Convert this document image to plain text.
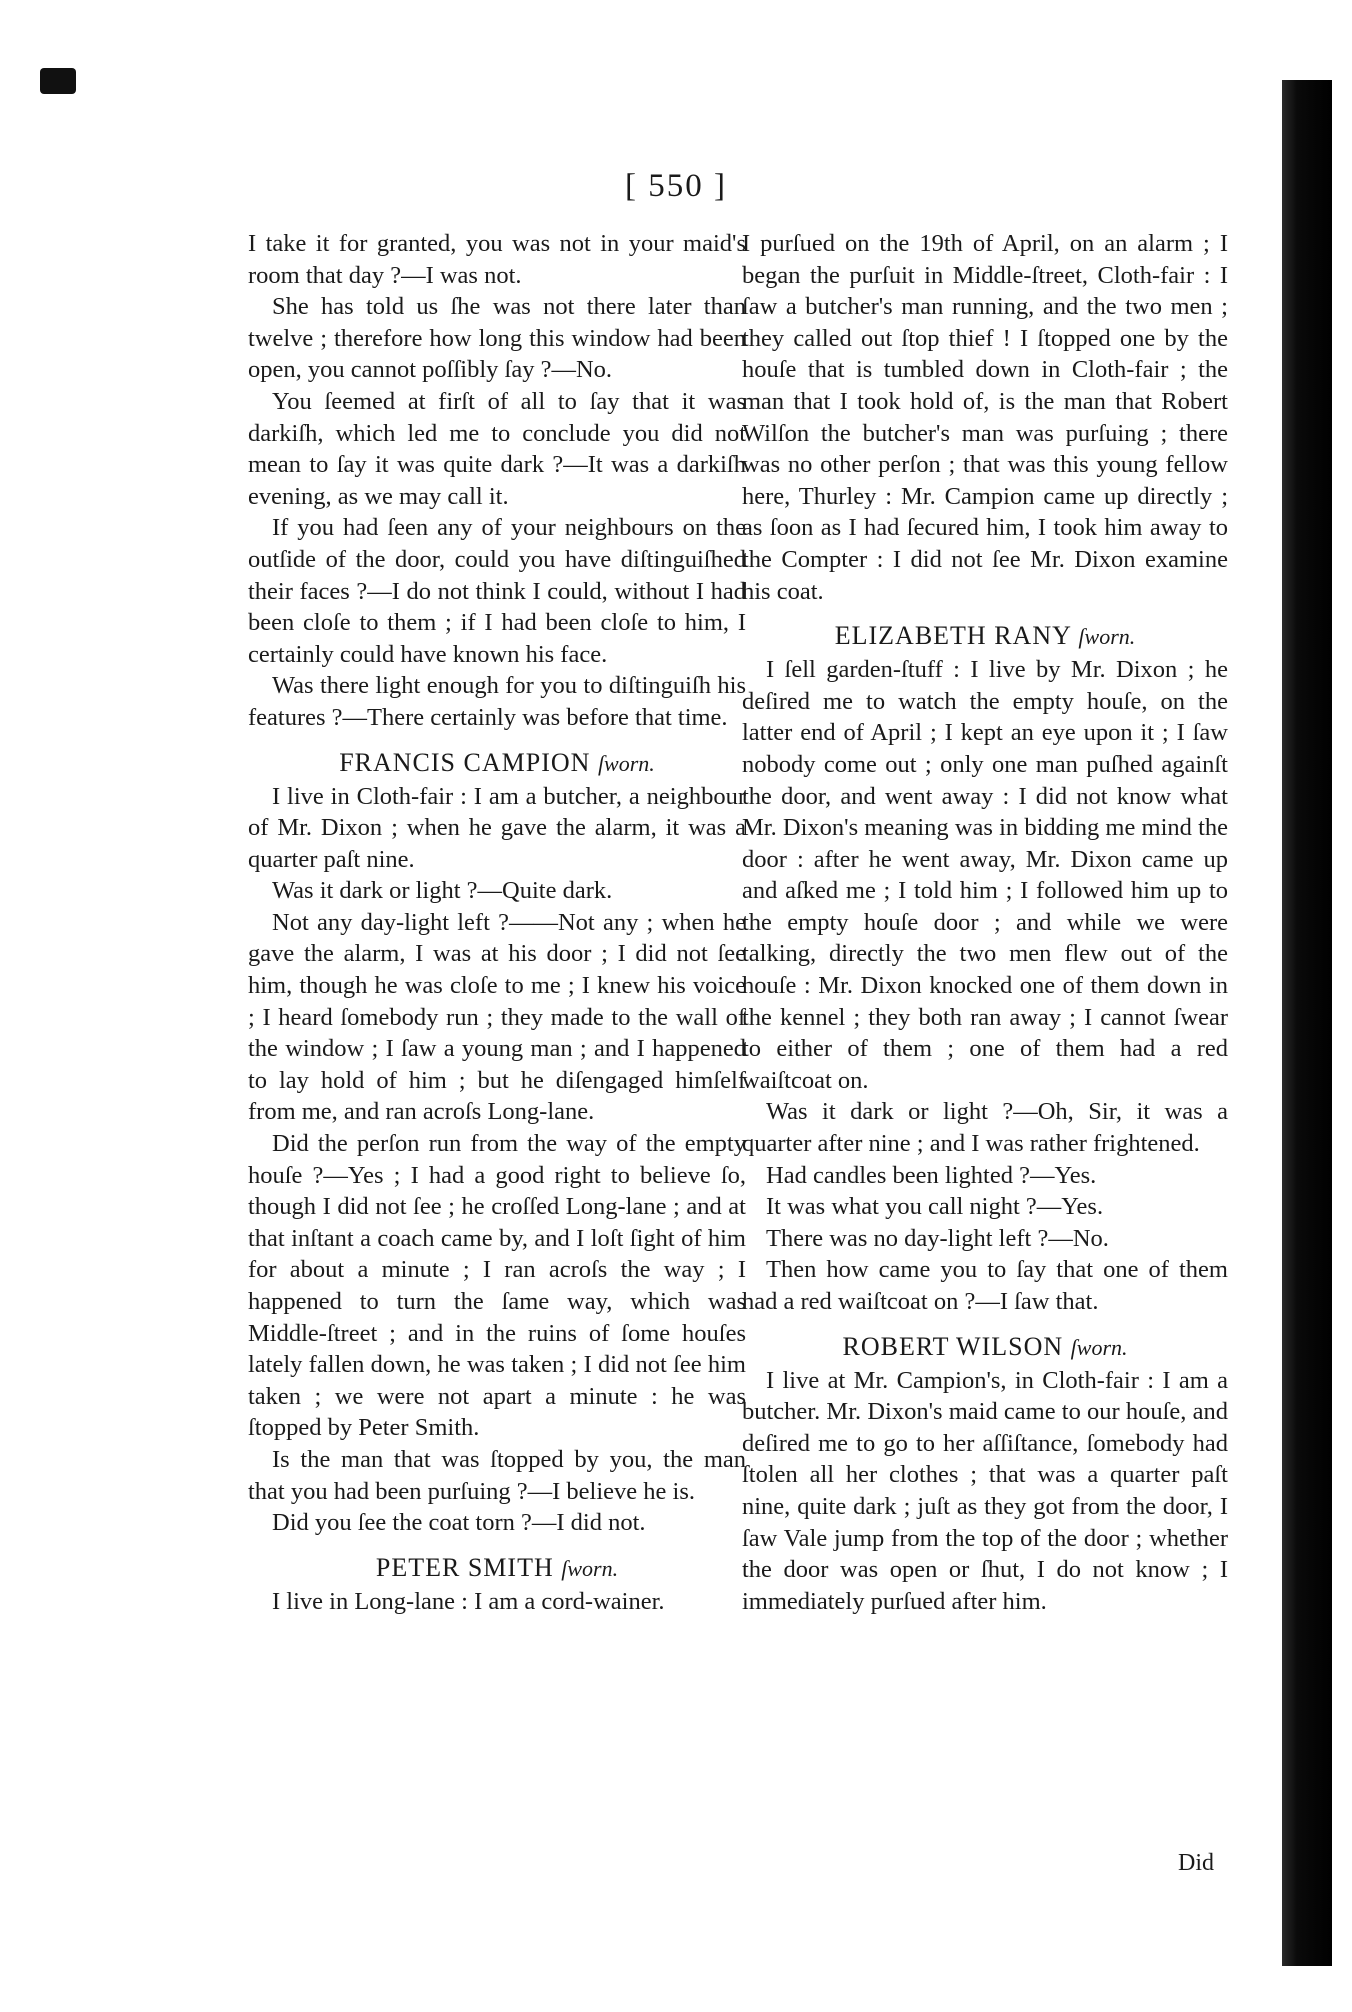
[ 550 ]

I take it for granted, you was not in your maid's room that day ?—I was not.

She has told us ſhe was not there later than twelve ; therefore how long this window had been open, you cannot poſſibly ſay ?—No.

You ſeemed at firſt of all to ſay that it was darkiſh, which led me to conclude you did not mean to ſay it was quite dark ?—It was a darkiſh evening, as we may call it.

If you had ſeen any of your neighbours on the outſide of the door, could you have diſtinguiſhed their faces ?—I do not think I could, without I had been cloſe to them ; if I had been cloſe to him, I certainly could have known his face.

Was there light enough for you to diſtinguiſh his features ?—There certainly was before that time.

FRANCIS CAMPION ſworn.

I live in Cloth-fair : I am a butcher, a neighbour of Mr. Dixon ; when he gave the alarm, it was a quarter paſt nine.

Was it dark or light ?—Quite dark.

Not any day-light left ?——Not any ; when he gave the alarm, I was at his door ; I did not ſee him, though he was cloſe to me ; I knew his voice ; I heard ſomebody run ; they made to the wall of the window ; I ſaw a young man ; and I happened to lay hold of him ; but he diſengaged himſelf from me, and ran acroſs Long-lane.

Did the perſon run from the way of the empty houſe ?—Yes ; I had a good right to believe ſo, though I did not ſee ; he croſſed Long-lane ; and at that inſtant a coach came by, and I loſt ſight of him for about a minute ; I ran acroſs the way ; I happened to turn the ſame way, which was Middle-ſtreet ; and in the ruins of ſome houſes lately fallen down, he was taken ; I did not ſee him taken ; we were not apart a minute : he was ſtopped by Peter Smith.

Is the man that was ſtopped by you, the man that you had been purſuing ?—I believe he is.

Did you ſee the coat torn ?—I did not.

PETER SMITH ſworn.

I live in Long-lane : I am a cord-wainer.

I purſued on the 19th of April, on an alarm ; I began the purſuit in Middle-ſtreet, Cloth-fair : I ſaw a butcher's man running, and the two men ; they called out ſtop thief ! I ſtopped one by the houſe that is tumbled down in Cloth-fair ; the man that I took hold of, is the man that Robert Wilſon the butcher's man was purſuing ; there was no other perſon ; that was this young fellow here, Thurley : Mr. Campion came up directly ; as ſoon as I had ſecured him, I took him away to the Compter : I did not ſee Mr. Dixon examine his coat.

ELIZABETH RANY ſworn.

I ſell garden-ſtuff : I live by Mr. Dixon ; he deſired me to watch the empty houſe, on the latter end of April ; I kept an eye upon it ; I ſaw nobody come out ; only one man puſhed againſt the door, and went away : I did not know what Mr. Dixon's meaning was in bidding me mind the door : after he went away, Mr. Dixon came up and aſked me ; I told him ; I followed him up to the empty houſe door ; and while we were talking, directly the two men flew out of the houſe : Mr. Dixon knocked one of them down in the kennel ; they both ran away ; I cannot ſwear to either of them ; one of them had a red waiſtcoat on.

Was it dark or light ?—Oh, Sir, it was a quarter after nine ; and I was rather frightened.

Had candles been lighted ?—Yes.

It was what you call night ?—Yes.

There was no day-light left ?—No.

Then how came you to ſay that one of them had a red waiſtcoat on ?—I ſaw that.

ROBERT WILSON ſworn.

I live at Mr. Campion's, in Cloth-fair : I am a butcher. Mr. Dixon's maid came to our houſe, and deſired me to go to her aſſiſtance, ſomebody had ſtolen all her clothes ; that was a quarter paſt nine, quite dark ; juſt as they got from the door, I ſaw Vale jump from the top of the door ; whether the door was open or ſhut, I do not know ; I immediately purſued after him.

Did
